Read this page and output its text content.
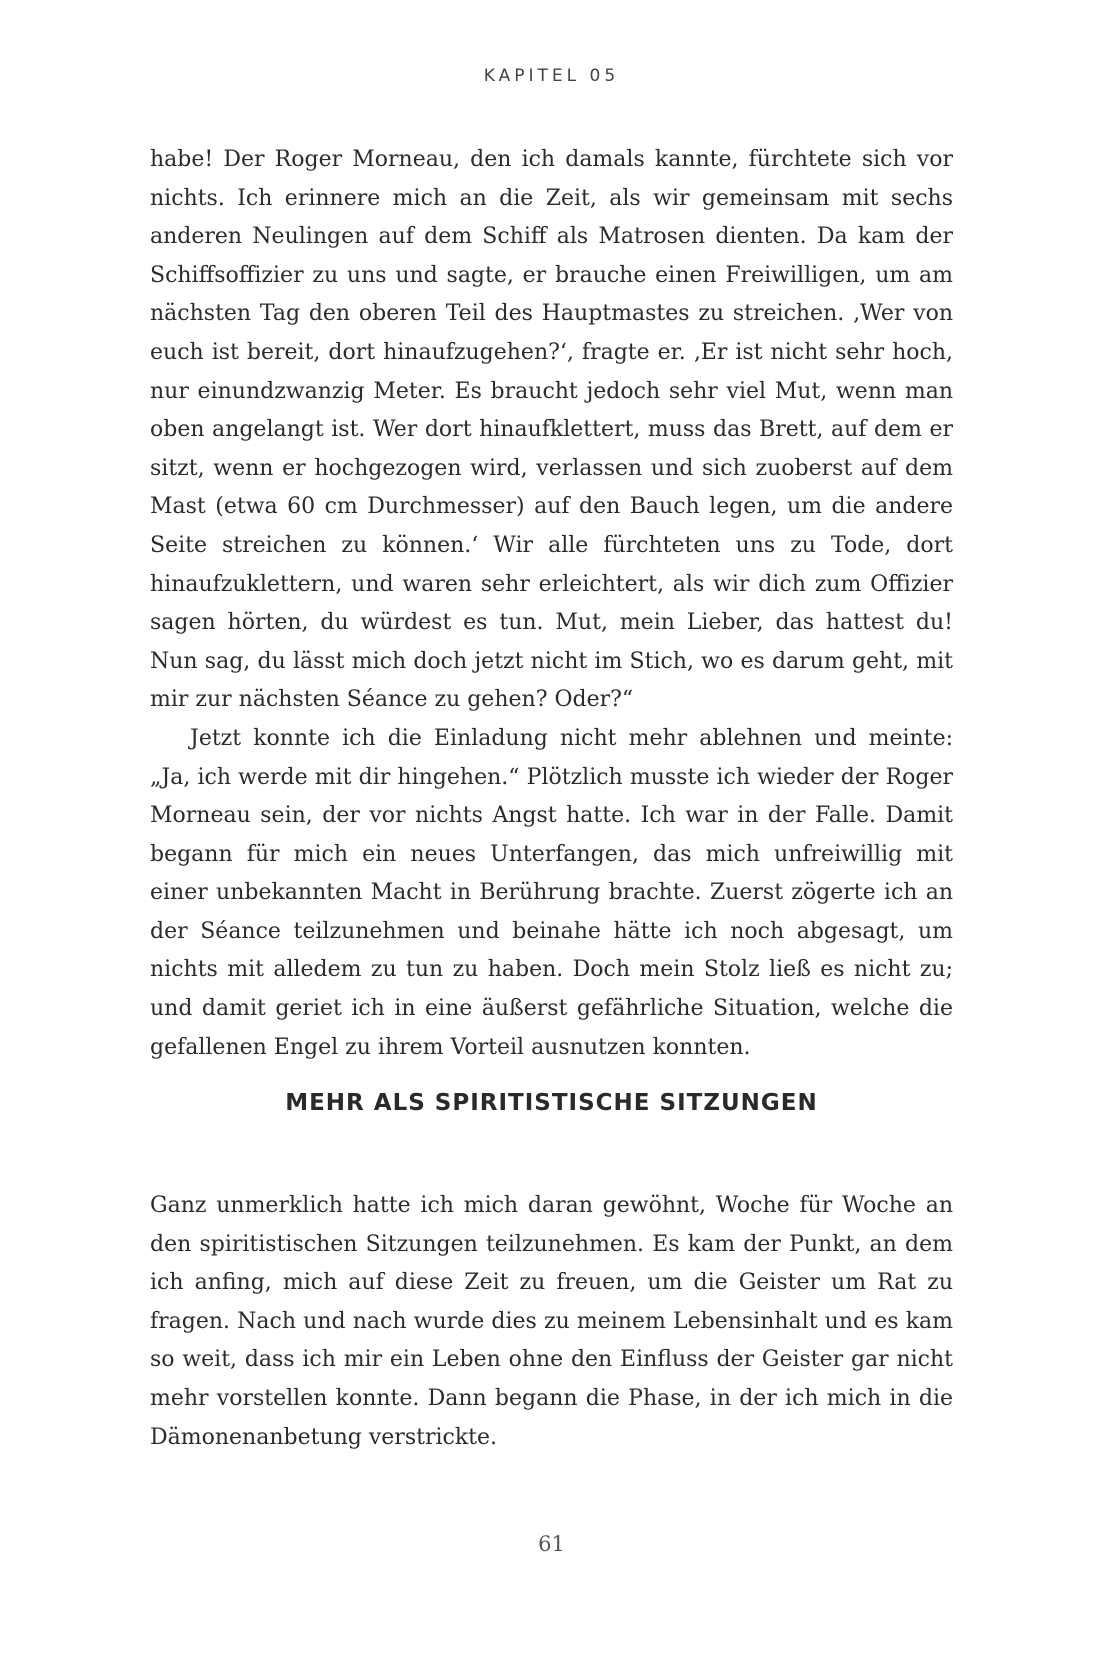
KAPITEL 05

habe! Der Roger Morneau, den ich damals kannte, fürchtete sich vor nichts. Ich erinnere mich an die Zeit, als wir gemeinsam mit sechs anderen Neulingen auf dem Schiff als Matrosen dienten. Da kam der Schiffsoffizier zu uns und sagte, er brauche einen Freiwilligen, um am nächsten Tag den oberen Teil des Hauptmastes zu streichen. ‚Wer von euch ist bereit, dort hinaufzugehen?‘, fragte er. ‚Er ist nicht sehr hoch, nur einundzwanzig Meter. Es braucht jedoch sehr viel Mut, wenn man oben angelangt ist. Wer dort hinaufklettert, muss das Brett, auf dem er sitzt, wenn er hochgezogen wird, verlassen und sich zuoberst auf dem Mast (etwa 60 cm Durchmesser) auf den Bauch legen, um die andere Seite streichen zu können.‘ Wir alle fürchteten uns zu Tode, dort hinaufzuklettern, und waren sehr erleichtert, als wir dich zum Offizier sagen hörten, du würdest es tun. Mut, mein Lieber, das hattest du! Nun sag, du lässt mich doch jetzt nicht im Stich, wo es darum geht, mit mir zur nächsten Séance zu gehen? Oder?“

Jetzt konnte ich die Einladung nicht mehr ablehnen und meinte: „Ja, ich werde mit dir hingehen.“ Plötzlich musste ich wieder der Roger Morneau sein, der vor nichts Angst hatte. Ich war in der Falle. Damit begann für mich ein neues Unterfangen, das mich unfreiwillig mit einer unbekannten Macht in Berührung brachte. Zuerst zögerte ich an der Séance teilzunehmen und beinahe hätte ich noch abgesagt, um nichts mit alledem zu tun zu haben. Doch mein Stolz ließ es nicht zu; und damit geriet ich in eine äußerst gefährliche Situation, welche die gefallenen Engel zu ihrem Vorteil ausnutzen konnten.

MEHR ALS SPIRITISTISCHE SITZUNGEN

Ganz unmerklich hatte ich mich daran gewöhnt, Woche für Woche an den spiritistischen Sitzungen teilzunehmen. Es kam der Punkt, an dem ich anfing, mich auf diese Zeit zu freuen, um die Geister um Rat zu fragen. Nach und nach wurde dies zu meinem Lebensinhalt und es kam so weit, dass ich mir ein Leben ohne den Einfluss der Geister gar nicht mehr vorstellen konnte. Dann begann die Phase, in der ich mich in die Dämonenanbetung verstrickte.

61
